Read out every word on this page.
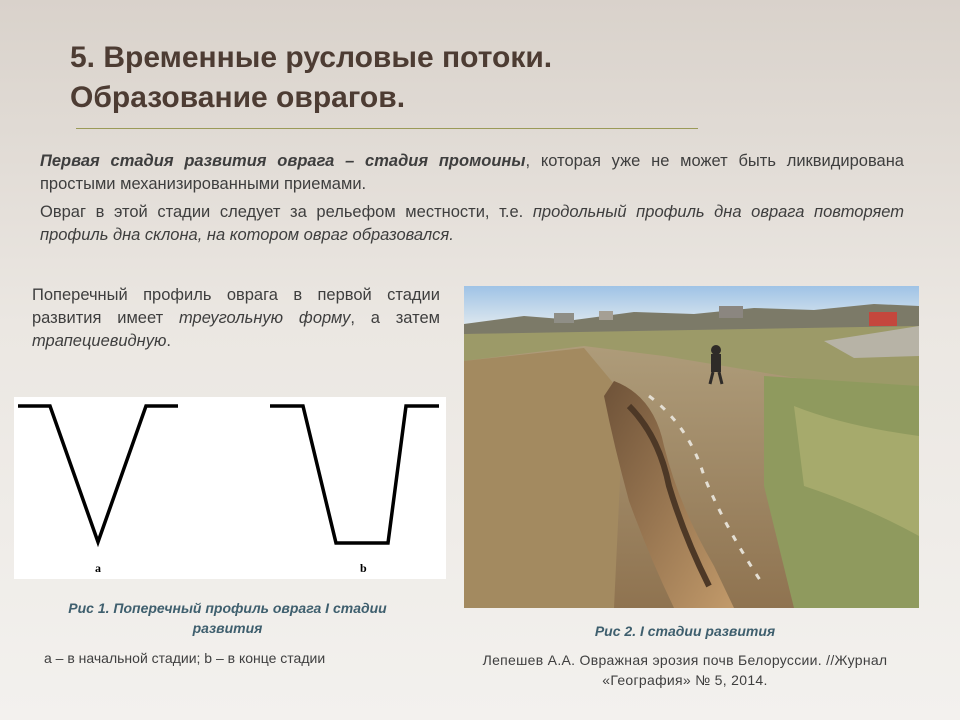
5. Временные русловые потоки.
Образование оврагов.

Первая стадия развития оврага – стадия промоины, которая уже не может быть ликвидирована простыми механизированными приемами.

Овраг в этой стадии следует за рельефом местности, т.е. продольный профиль дна оврага повторяет профиль дна склона, на котором овраг образовался.

Поперечный профиль оврага в первой стадии развития имеет треугольную форму, а затем трапециевидную.

a	b
Рис 1. Поперечный профиль оврага I стадии развития
а – в начальной стадии; b – в конце стадии
Рис 2. I стадии развития
Лепешев А.А. Овражная эрозия почв Белоруссии. //Журнал «География» № 5, 2014.
